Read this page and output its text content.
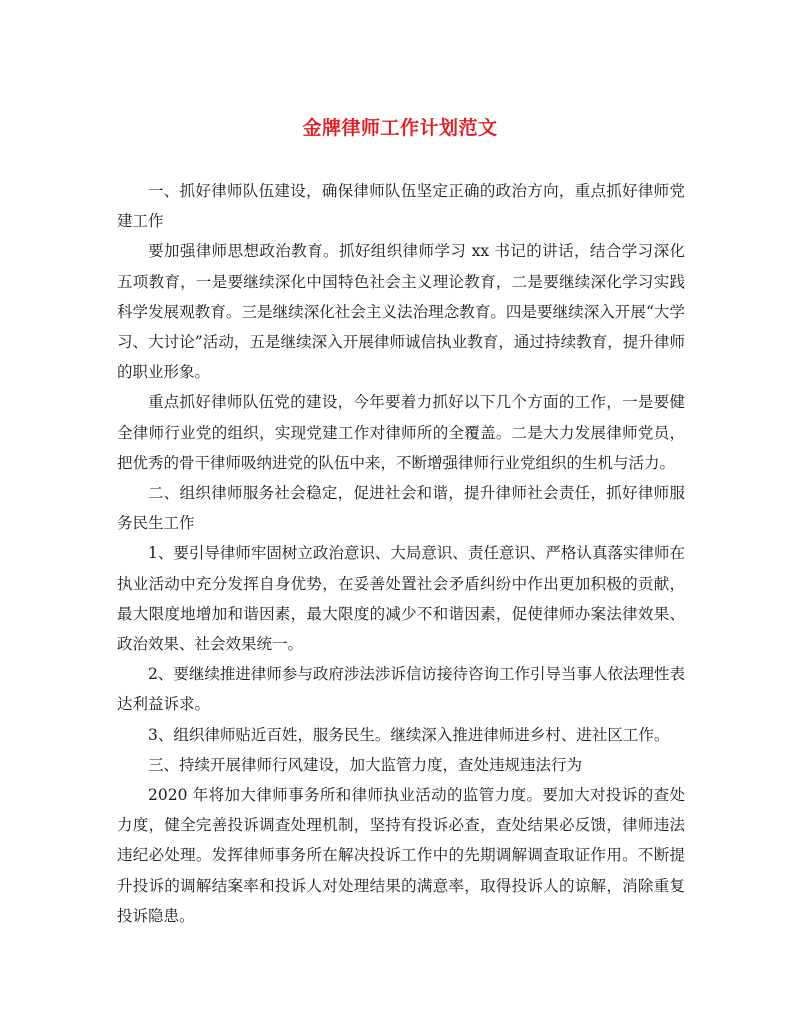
金牌律师工作计划范文

一、抓好律师队伍建设，确保律师队伍坚定正确的政治方向，重点抓好律师党建工作

要加强律师思想政治教育。抓好组织律师学习 xx 书记的讲话，结合学习深化五项教育，一是要继续深化中国特色社会主义理论教育，二是要继续深化学习实践科学发展观教育。三是继续深化社会主义法治理念教育。四是要继续深入开展“大学习、大讨论”活动，五是继续深入开展律师诚信执业教育，通过持续教育，提升律师的职业形象。

重点抓好律师队伍党的建设，今年要着力抓好以下几个方面的工作，一是要健全律师行业党的组织，实现党建工作对律师所的全覆盖。二是大力发展律师党员，把优秀的骨干律师吸纳进党的队伍中来，不断增强律师行业党组织的生机与活力。

二、组织律师服务社会稳定，促进社会和谐，提升律师社会责任，抓好律师服务民生工作

1、要引导律师牢固树立政治意识、大局意识、责任意识、严格认真落实律师在执业活动中充分发挥自身优势，在妥善处置社会矛盾纠纷中作出更加积极的贡献，最大限度地增加和谐因素，最大限度的减少不和谐因素，促使律师办案法律效果、政治效果、社会效果统一。

2、要继续推进律师参与政府涉法涉诉信访接待咨询工作引导当事人依法理性表达利益诉求。

3、组织律师贴近百姓，服务民生。继续深入推进律师进乡村、进社区工作。

三、持续开展律师行风建设，加大监管力度，查处违规违法行为

2020 年将加大律师事务所和律师执业活动的监管力度。要加大对投诉的查处力度，健全完善投诉调查处理机制，坚持有投诉必查，查处结果必反馈，律师违法违纪必处理。发挥律师事务所在解决投诉工作中的先期调解调查取证作用。不断提升投诉的调解结案率和投诉人对处理结果的满意率，取得投诉人的谅解，消除重复投诉隐患。
